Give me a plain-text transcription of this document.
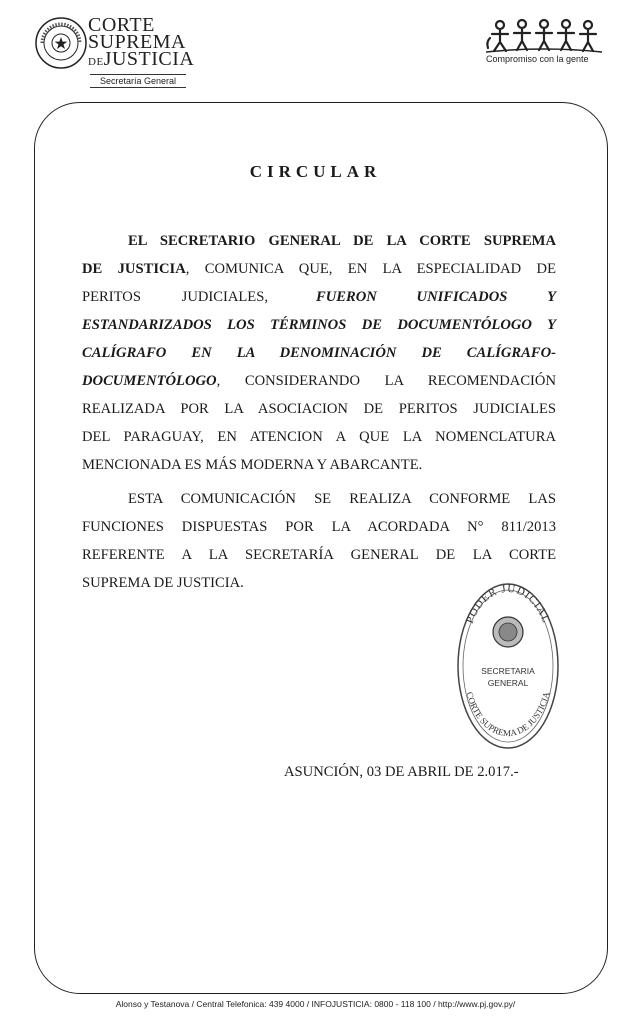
CORTE
SUPREMA
DEJUSTICIA
Secretaría General
Compromiso con la gente
CIRCULAR
EL SECRETARIO GENERAL DE LA CORTE SUPREMA
DE JUSTICIA, COMUNICA QUE, EN LA ESPECIALIDAD DE
PERITOS	JUDICIALES,	FUERON	UNIFICADOS	Y
ESTANDARIZADOS LOS TÉRMINOS DE DOCUMENTÓLOGO Y
CALÍGRAFO EN LA DENOMINACIÓN DE CALÍGRAFO-
DOCUMENTÓLOGO, CONSIDERANDO LA RECOMENDACIÓN
REALIZADA POR LA ASOCIACION DE PERITOS JUDICIALES
DEL PARAGUAY, EN ATENCION A QUE LA NOMENCLATURA
MENCIONADA ES MÁS MODERNA Y ABARCANTE.
ESTA COMUNICACIÓN SE REALIZA CONFORME LAS
FUNCIONES DISPUESTAS POR LA ACORDADA N° 811/2013
REFERENTE A LA SECRETARÍA GENERAL DE LA CORTE
SUPREMA DE JUSTICIA.
PODER JUDICIAL
SECRETARIA
GENERAL
CORTE SUPREMA DE JUSTICIA
ASUNCIÓN, 03 DE ABRIL DE 2.017.-
Alonso y Testanova / Central Telefonica: 439 4000 / INFOJUSTICIA: 0800 - 118 100 / http://www.pj.gov.py/
